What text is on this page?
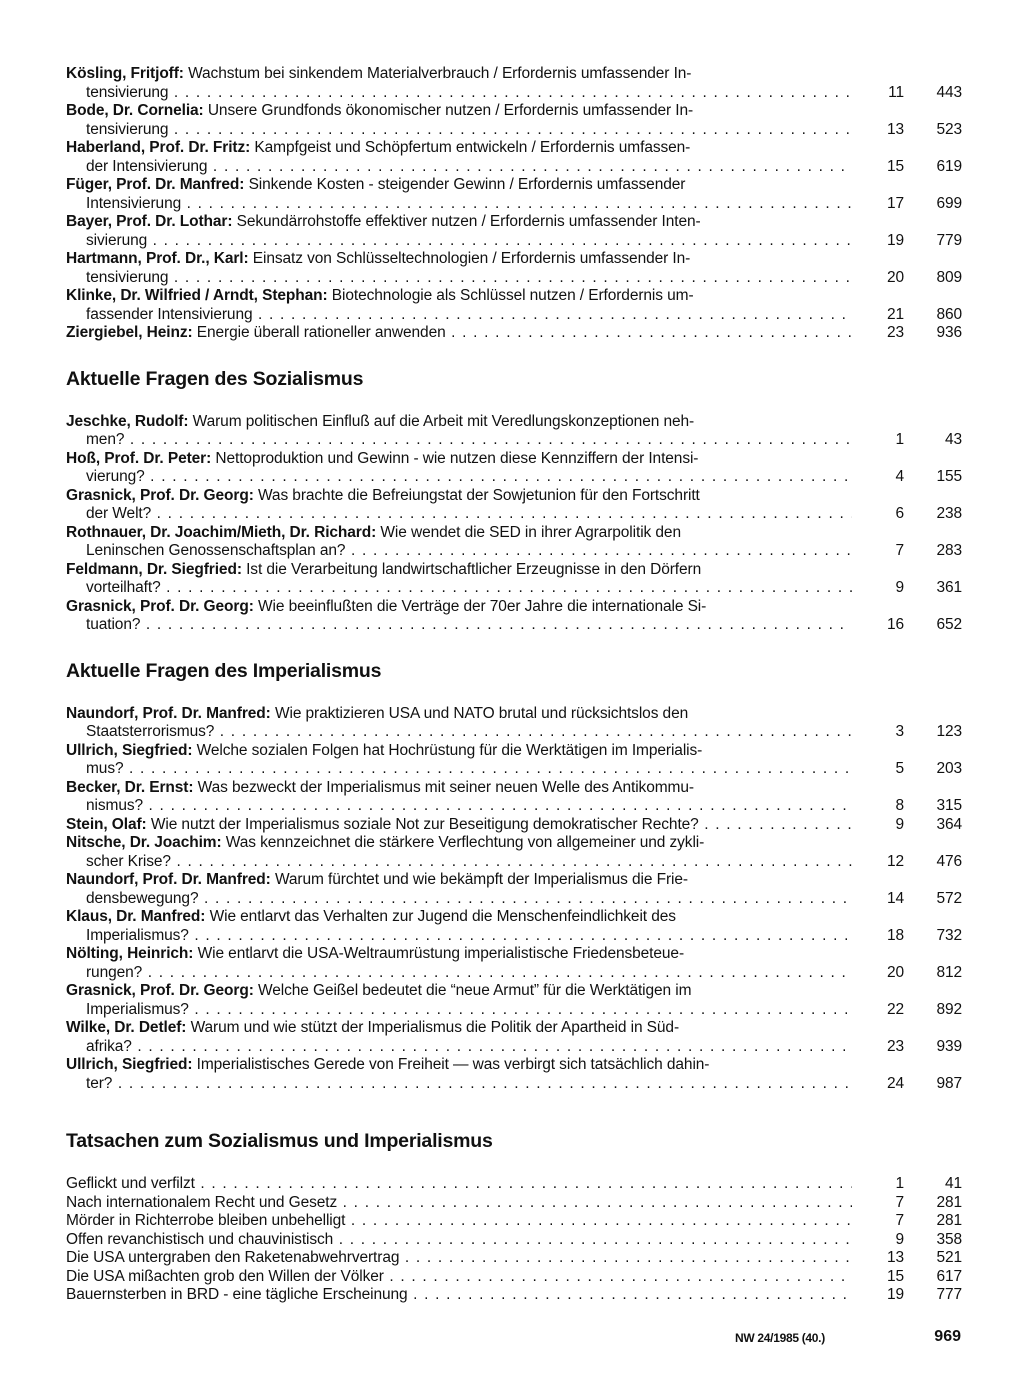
Kösling, Fritjoff: Wachstum bei sinkendem Materialverbrauch / Erfordernis umfassender In-
tensivierung . . .	11	443
Bode, Dr. Cornelia: Unsere Grundfonds ökonomischer nutzen / Erfordernis umfassender In-
tensivierung . . .	13	523
Haberland, Prof. Dr. Fritz: Kampfgeist und Schöpfertum entwickeln / Erfordernis umfassen-
der Intensivierung . . .	15	619
Füger, Prof. Dr. Manfred: Sinkende Kosten - steigender Gewinn / Erfordernis umfassender
Intensivierung . . .	17	699
Bayer, Prof. Dr. Lothar: Sekundärrohstoffe effektiver nutzen / Erfordernis umfassender Inten-
sivierung . . .	19	779
Hartmann, Prof. Dr., Karl: Einsatz von Schlüsseltechnologien / Erfordernis umfassender In-
tensivierung . . .	20	809
Klinke, Dr. Wilfried / Arndt, Stephan: Biotechnologie als Schlüssel nutzen / Erfordernis um-
fassender Intensivierung . . .	21	860
Ziergiebel, Heinz: Energie überall rationeller anwenden . . .	23	936
Aktuelle Fragen des Sozialismus
Jeschke, Rudolf: Warum politischen Einfluß auf die Arbeit mit Veredlungskonzeptionen neh-
men? . . .	1	43
Hoß, Prof. Dr. Peter: Nettoproduktion und Gewinn - wie nutzen diese Kennziffern der Intensi-
vierung? . . .	4	155
Grasnick, Prof. Dr. Georg: Was brachte die Befreiungstat der Sowjetunion für den Fortschritt
der Welt? . . .	6	238
Rothnauer, Dr. Joachim/Mieth, Dr. Richard: Wie wendet die SED in ihrer Agrarpolitik den
Leninschen Genossenschaftsplan an? . . .	7	283
Feldmann, Dr. Siegfried: Ist die Verarbeitung landwirtschaftlicher Erzeugnisse in den Dörfern
vorteilhaft? . . .	9	361
Grasnick, Prof. Dr. Georg: Wie beeinflußten die Verträge der 70er Jahre die internationale Si-
tuation? . . .	16	652
Aktuelle Fragen des Imperialismus
Naundorf, Prof. Dr. Manfred: Wie praktizieren USA und NATO brutal und rücksichtslos den
Staatsterrorismus? . . .	3	123
Ullrich, Siegfried: Welche sozialen Folgen hat Hochrüstung für die Werktätigen im Imperialis-
mus? . . .	5	203
Becker, Dr. Ernst: Was bezweckt der Imperialismus mit seiner neuen Welle des Antikommu-
nismus? . . .	8	315
Stein, Olaf: Wie nutzt der Imperialismus soziale Not zur Beseitigung demokratischer Rechte? . . .	9	364
Nitsche, Dr. Joachim: Was kennzeichnet die stärkere Verflechtung von allgemeiner und zykli-
scher Krise? . . .	12	476
Naundorf, Prof. Dr. Manfred: Warum fürchtet und wie bekämpft der Imperialismus die Frie-
densbewegung? . . .	14	572
Klaus, Dr. Manfred: Wie entlarvt das Verhalten zur Jugend die Menschenfeindlichkeit des
Imperialismus? . . .	18	732
Nölting, Heinrich: Wie entlarvt die USA-Weltraumrüstung imperialistische Friedensbeteue-
rungen? . . .	20	812
Grasnick, Prof. Dr. Georg: Welche Geißel bedeutet die “neue Armut” für die Werktätigen im
Imperialismus? . . .	22	892
Wilke, Dr. Detlef: Warum und wie stützt der Imperialismus die Politik der Apartheid in Süd-
afrika? . . .	23	939
Ullrich, Siegfried: Imperialistisches Gerede von Freiheit — was verbirgt sich tatsächlich dahin-
ter? . . .	24	987
Tatsachen zum Sozialismus und Imperialismus
Geflickt und verfilzt . . .	1	41
Nach internationalem Recht und Gesetz . . .	7	281
Mörder in Richterrobe bleiben unbehelligt . . .	7	281
Offen revanchistisch und chauvinistisch . . .	9	358
Die USA untergraben den Raketenabwehrvertrag . . .	13	521
Die USA mißachten grob den Willen der Völker . . .	15	617
Bauernsterben in BRD - eine tägliche Erscheinung . . .	19	777
NW 24/1985 (40.)	969
